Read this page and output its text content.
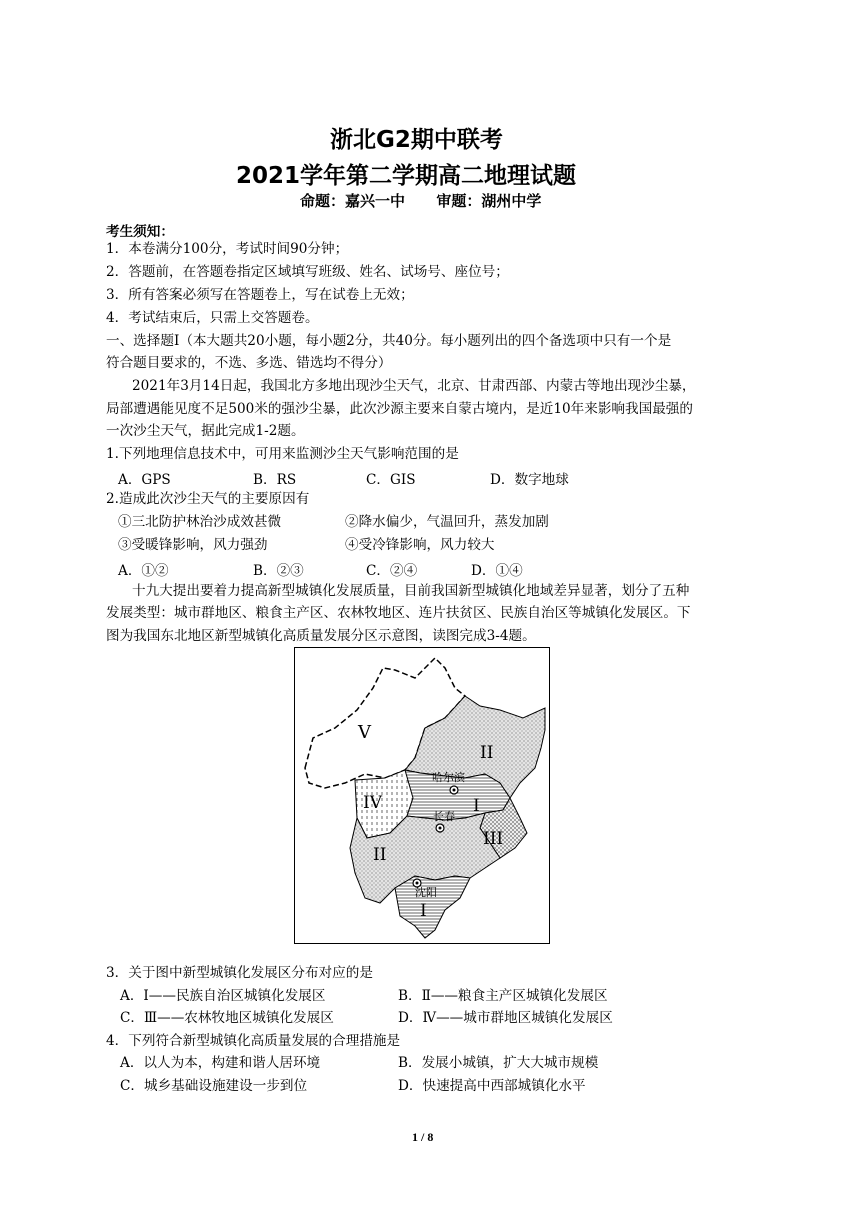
浙北G2期中联考
2021学年第二学期高二地理试题
命题：嘉兴一中      审题：湖州中学
考生须知：
1．本卷满分100分，考试时间90分钟；
2．答题前，在答题卷指定区域填写班级、姓名、试场号、座位号；
3．所有答案必须写在答题卷上，写在试卷上无效；
4．考试结束后，只需上交答题卷。
一、选择题Ⅰ（本大题共20小题，每小题2分，共40分。每小题列出的四个备选项中只有一个是
符合题目要求的，不选、多选、错选均不得分）
2021年3月14日起，我国北方多地出现沙尘天气，北京、甘肃西部、内蒙古等地出现沙尘暴，
局部遭遇能见度不足500米的强沙尘暴，此次沙源主要来自蒙古境内，是近10年来影响我国最强的
一次沙尘天气，据此完成1-2题。
1.下列地理信息技术中，可用来监测沙尘天气影响范围的是
A．GPS	B．RS	C．GIS	D．数字地球
2.造成此次沙尘天气的主要原因有
①三北防护林治沙成效甚微	②降水偏少，气温回升，蒸发加剧
③受暖锋影响，风力强劲	④受冷锋影响，风力较大
A．①②	B．②③	C．②④	D．①④
十九大提出要着力提高新型城镇化发展质量，目前我国新型城镇化地域差异显著，划分了五种
发展类型：城市群地区、粮食主产区、农林牧地区、连片扶贫区、民族自治区等城镇化发展区。下
图为我国东北地区新型城镇化高质量发展分区示意图，读图完成3-4题。
V
II
IV	I
II
III
I
哈尔滨
长春
沈阳
3．关于图中新型城镇化发展区分布对应的是
A．Ⅰ——民族自治区城镇化发展区	B．Ⅱ——粮食主产区城镇化发展区
C．Ⅲ——农林牧地区城镇化发展区	D．Ⅳ——城市群地区城镇化发展区
4．下列符合新型城镇化高质量发展的合理措施是
A．以人为本，构建和谐人居环境	B．发展小城镇，扩大大城市规模
C．城乡基础设施建设一步到位	D．快速提高中西部城镇化水平
1 / 8
